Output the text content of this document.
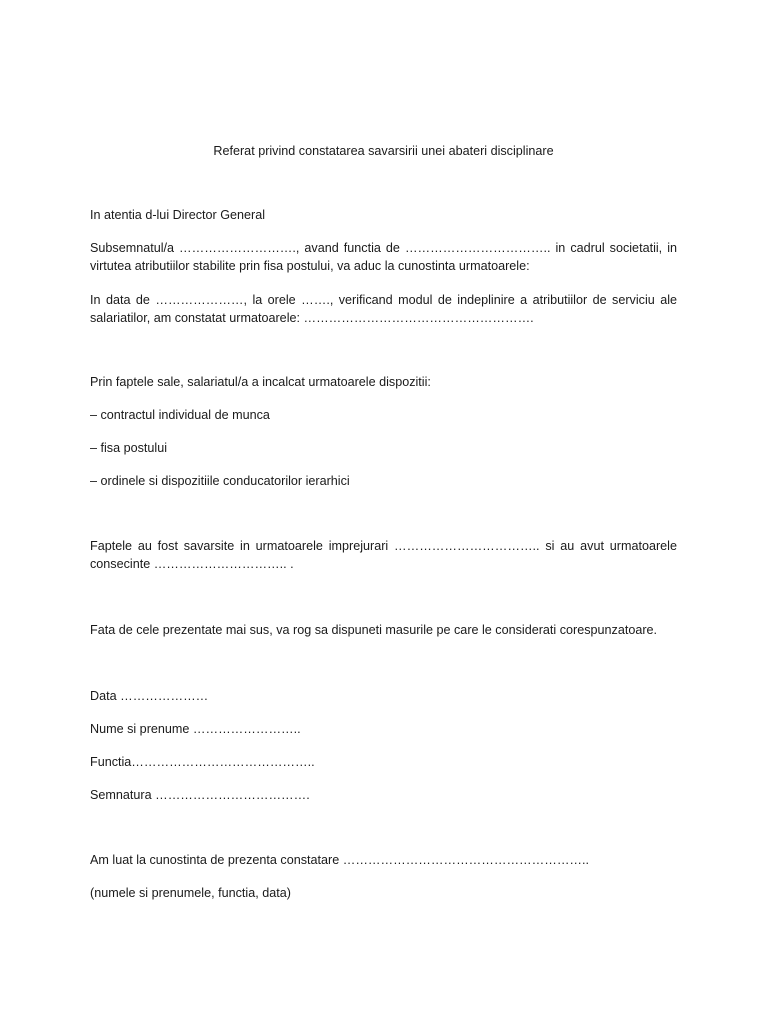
Referat privind constatarea savarsirii unei abateri disciplinare
In atentia d-lui Director General
Subsemnatul/a ………………………., avand functia de …………………………….. in cadrul societatii, in virtutea atributiilor stabilite prin fisa postului, va aduc la cunostinta urmatoarele:
In data de …………………, la orele ……., verificand modul de indeplinire a atributiilor de serviciu ale salariatilor, am constatat urmatoarele: ……………………………………………….
Prin faptele sale, salariatul/a a incalcat urmatoarele dispozitii:
– contractul individual de munca
– fisa postului
– ordinele si dispozitiile conducatorilor ierarhici
Faptele au fost savarsite in urmatoarele imprejurari …………………………….. si au avut urmatoarele consecinte ………………………….. .
Fata de cele prezentate mai sus, va rog sa dispuneti masurile pe care le considerati corespunzatoare.
Data …………………
Nume si prenume ……………………..
Functia……………………………………..
Semnatura ……………………………….
Am luat la cunostinta de prezenta constatare …………………………………………………..
(numele si prenumele, functia, data)
